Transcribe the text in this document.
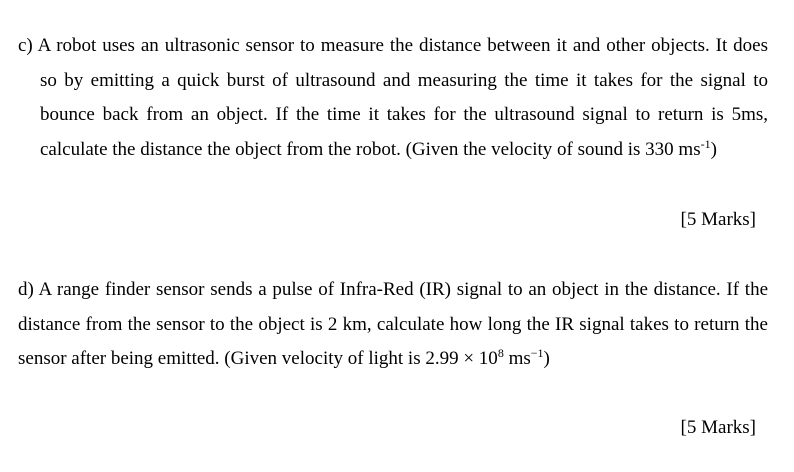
c) A robot uses an ultrasonic sensor to measure the distance between it and other objects. It does so by emitting a quick burst of ultrasound and measuring the time it takes for the signal to bounce back from an object. If the time it takes for the ultrasound signal to return is 5ms, calculate the distance the object from the robot. (Given the velocity of sound is 330 $ms^{-1}$)

[5 Marks]

d) A range finder sensor sends a pulse of Infra-Red (IR) signal to an object in the distance. If the distance from the sensor to the object is 2 km, calculate how long the IR signal takes to return the sensor after being emitted. (Given velocity of light is $2.99 \times 10^8$ $ms^{-1}$)

[5 Marks]
